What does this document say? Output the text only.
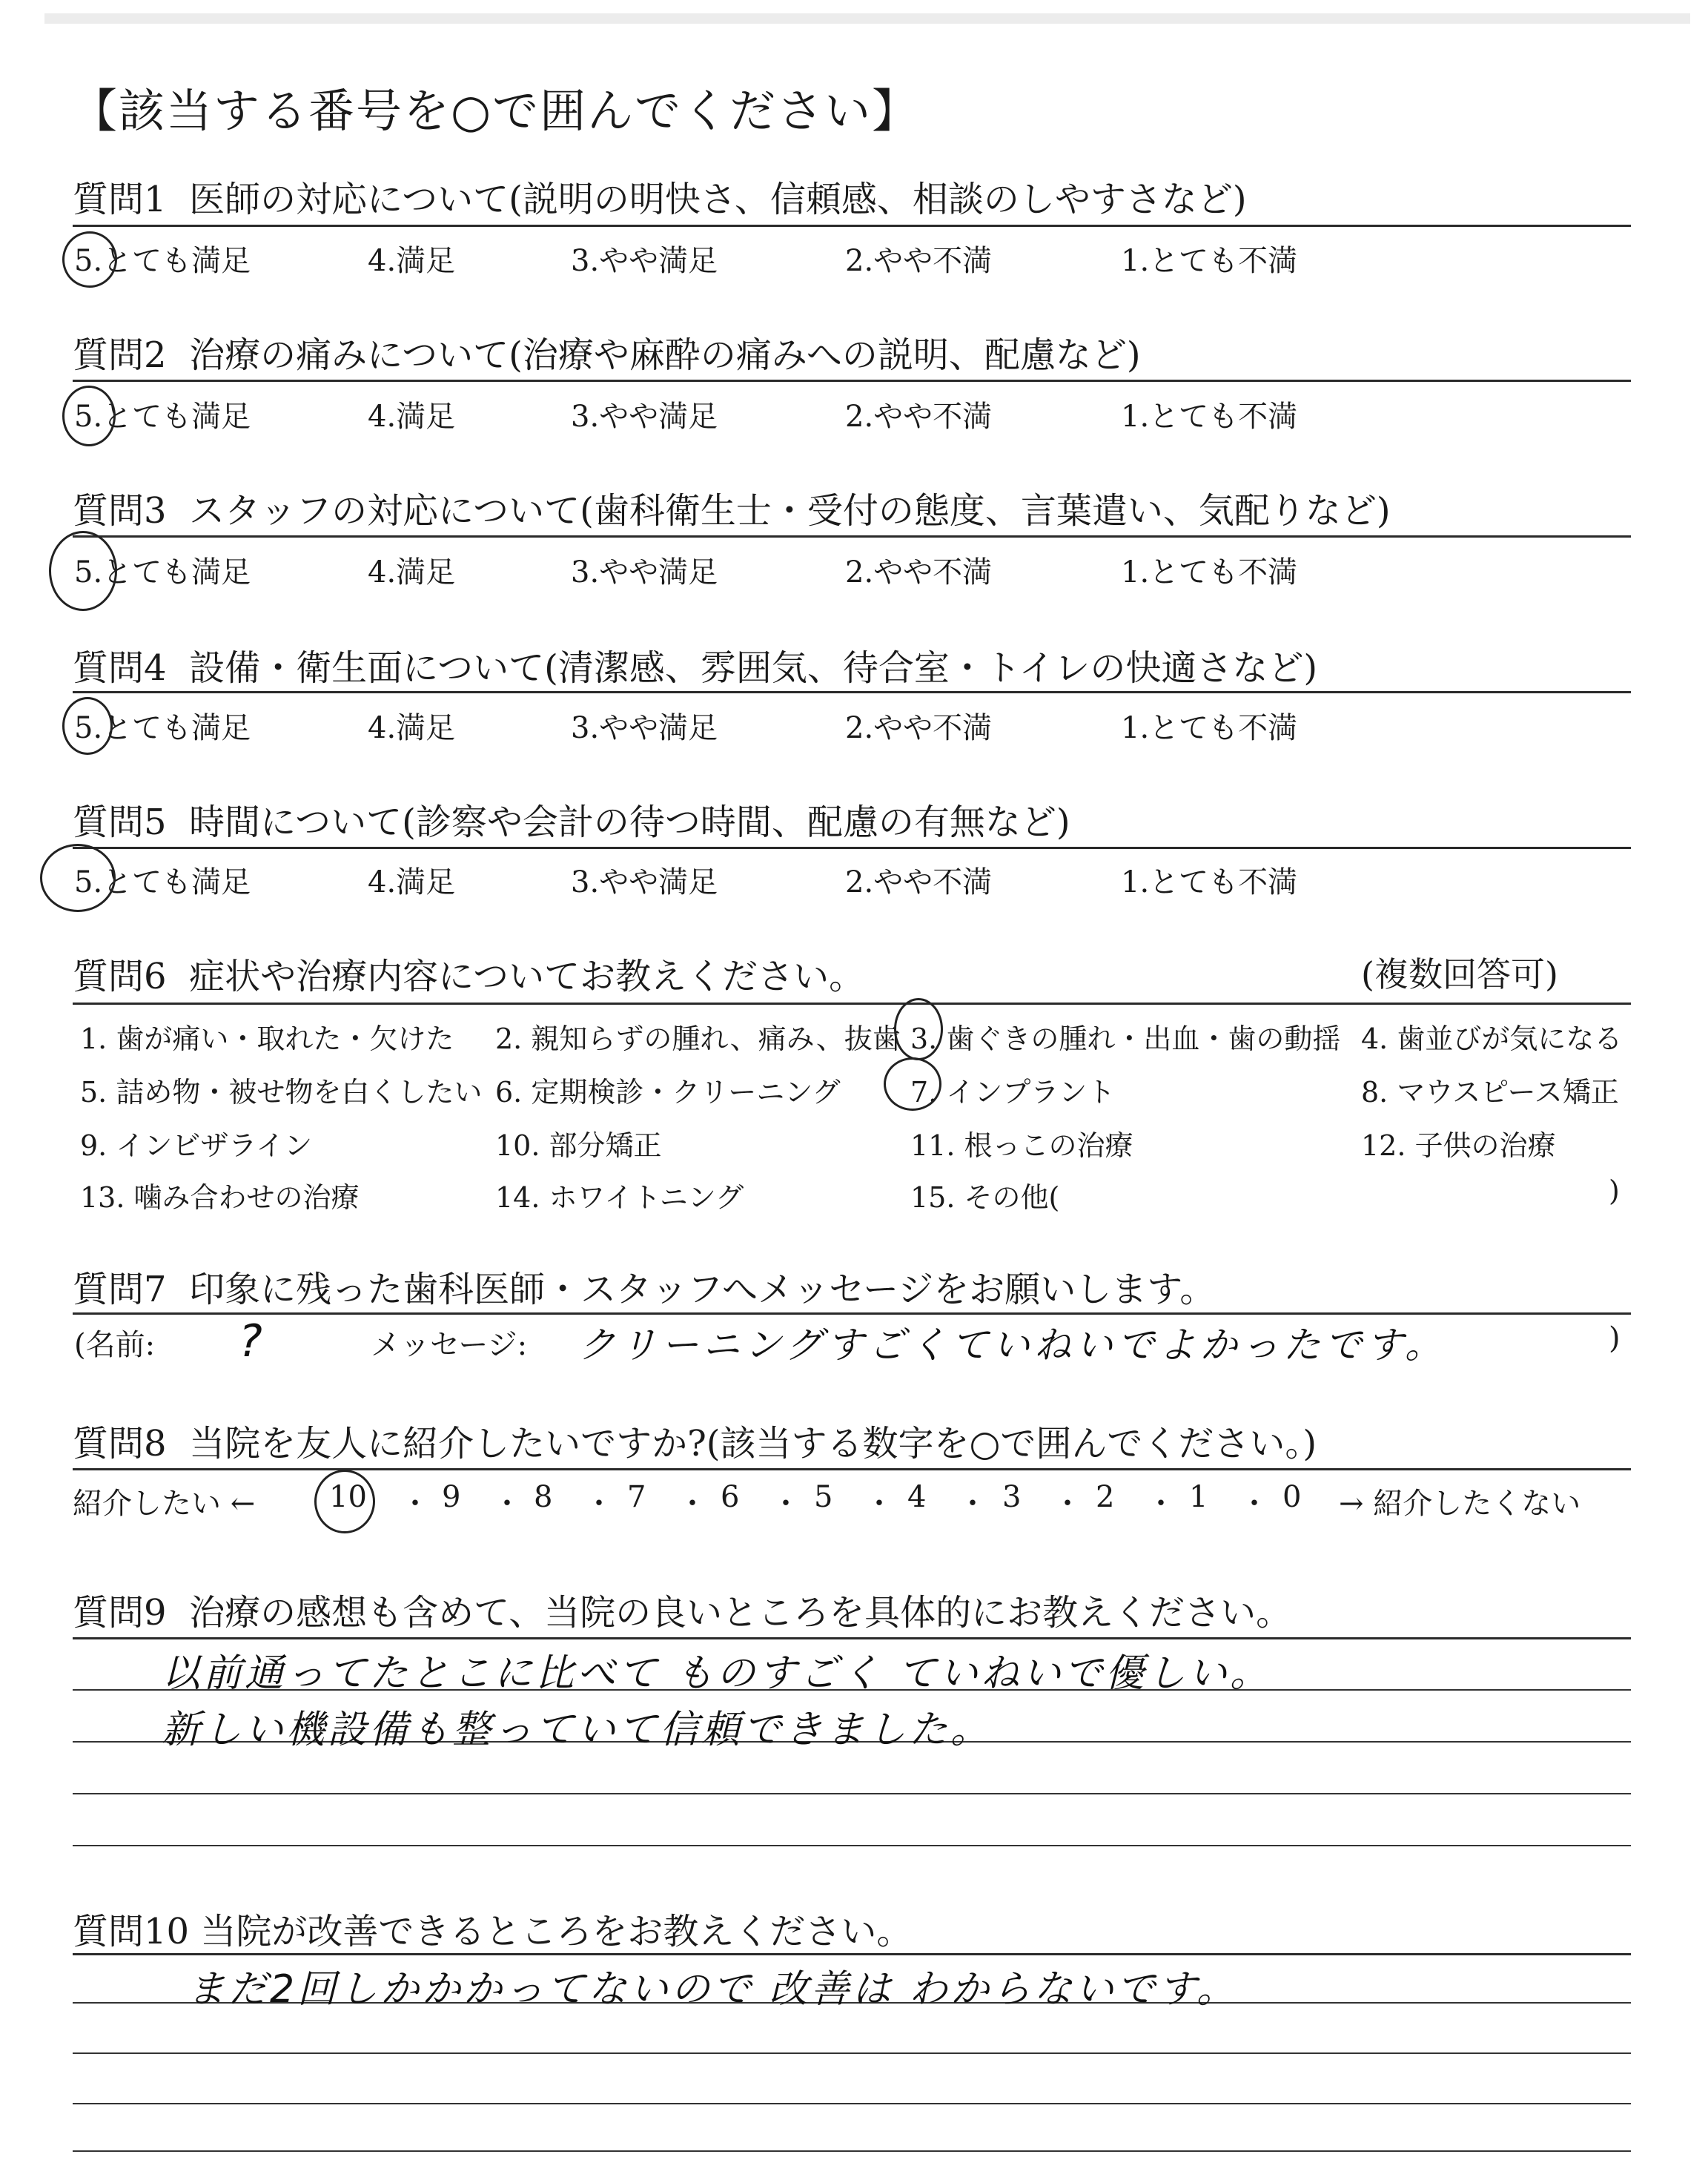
【該当する番号を○で囲んでください】
質問1 医師の対応について(説明の明快さ、信頼感、相談のしやすさなど)
5.とても満足	4.満足	3.やや満足	2.やや不満	1.とても不満
質問2 治療の痛みについて(治療や麻酔の痛みへの説明、配慮など)
5.とても満足	4.満足	3.やや満足	2.やや不満	1.とても不満
質問3 スタッフの対応について(歯科衛生士・受付の態度、言葉遣い、気配りなど)
5.とても満足	4.満足	3.やや満足	2.やや不満	1.とても不満
質問4 設備・衛生面について(清潔感、雰囲気、待合室・トイレの快適さなど)
5.とても満足	4.満足	3.やや満足	2.やや不満	1.とても不満
質問5 時間について(診察や会計の待つ時間、配慮の有無など)
5.とても満足	4.満足	3.やや満足	2.やや不満	1.とても不満
質問6 症状や治療内容についてお教えください。	(複数回答可)
1. 歯が痛い・取れた・欠けた 2. 親知らずの腫れ、痛み、抜歯 3. 歯ぐきの腫れ・出血・歯の動揺 4. 歯並びが気になる
5. 詰め物・被せ物を白くしたい 6. 定期検診・クリーニング 7. インプラント	8. マウスピース矯正
9. インビザライン	10. 部分矯正	11. 根っこの治療	12. 子供の治療
13. 噛み合わせの治療	14. ホワイトニング	15. その他(	)
質問7 印象に残った歯科医師・スタッフへメッセージをお願いします。
(名前: ?	メッセージ: クリーニングすごくていねいでよかったです。	)
質問8 当院を友人に紹介したいですか?(該当する数字を○で囲んでください。)
紹介したい ← 10 ・ 9 ・ 8 ・ 7 ・ 6 ・ 5 ・ 4 ・ 3 ・ 2 ・ 1 ・ 0 → 紹介したくない
質問9 治療の感想も含めて、当院の良いところを具体的にお教えください。
以前通ってたとこに比べて ものすごく ていねいで優しい。
新しい機設備も整っていて信頼できました。
質問10 当院が改善できるところをお教えください。
まだ2回しかかかってないので 改善は わからないです。
